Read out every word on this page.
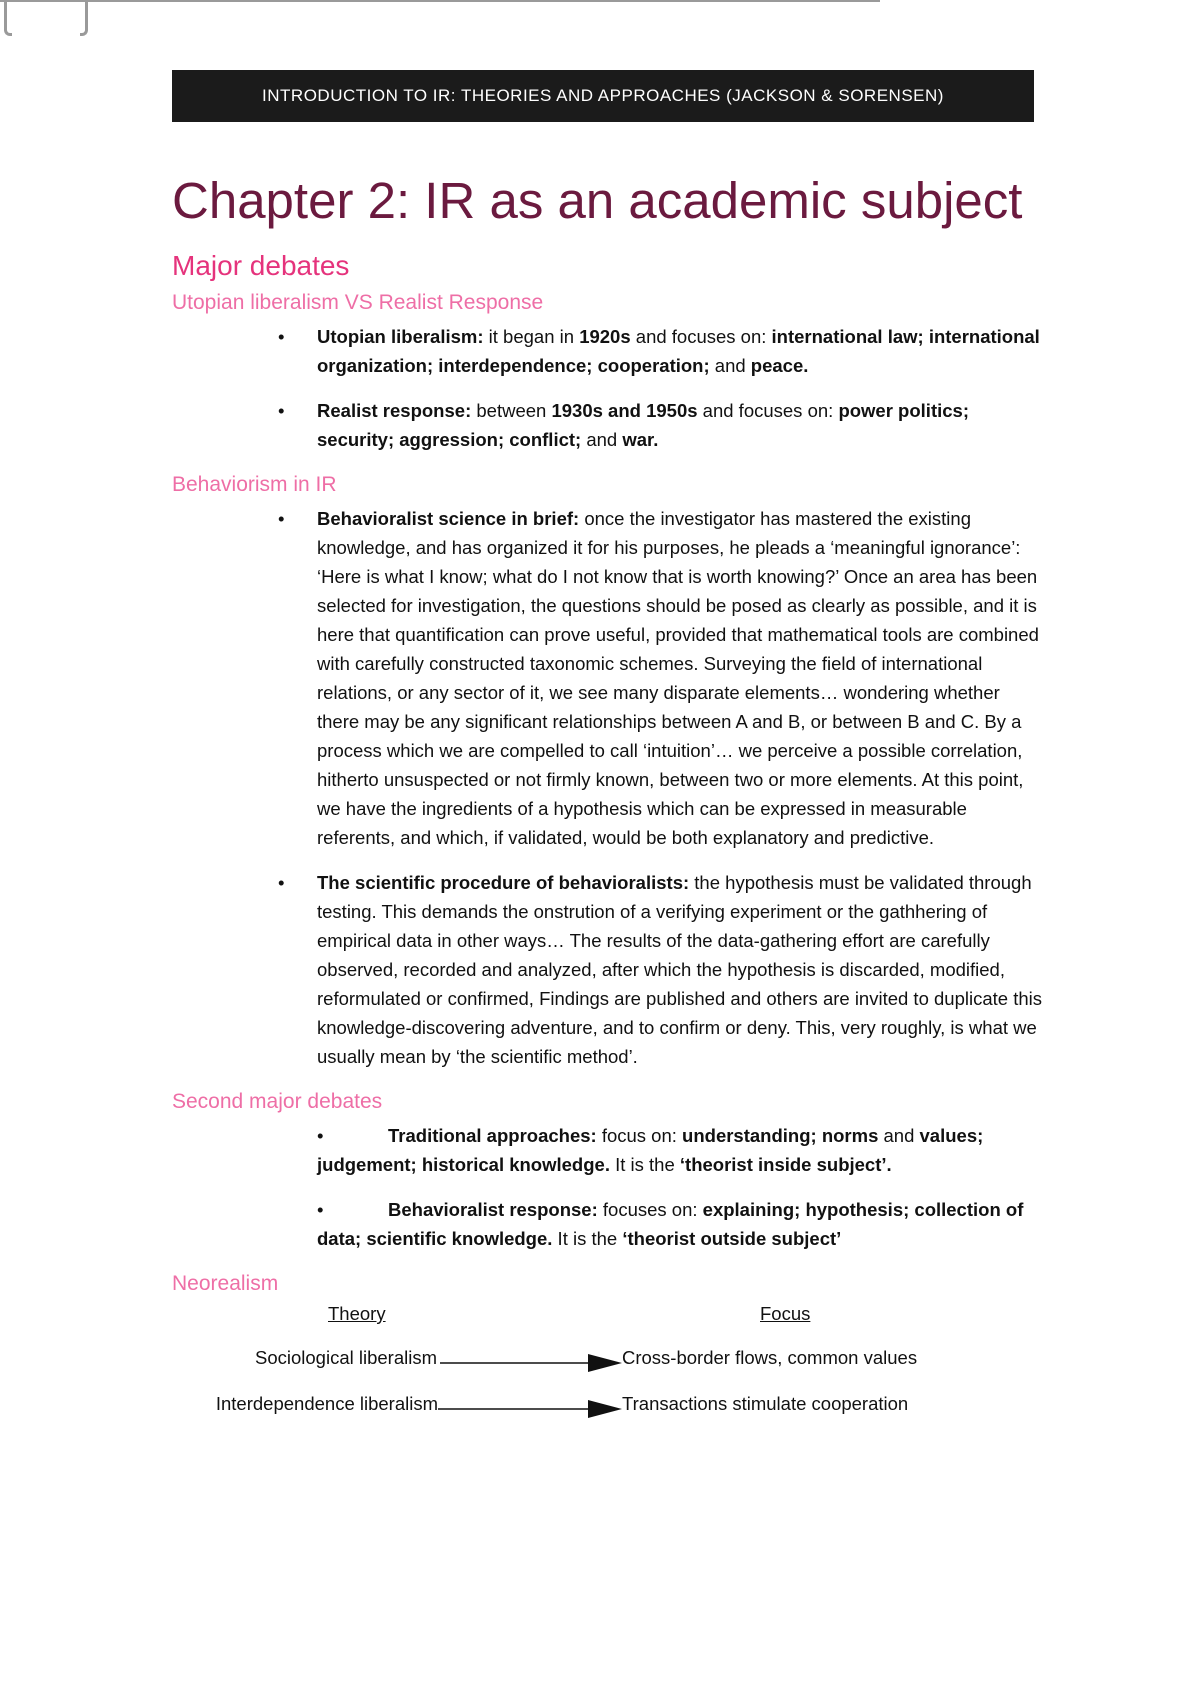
INTRODUCTION TO IR: THEORIES AND APPROACHES (JACKSON & SORENSEN)
Chapter 2: IR as an academic subject
Major debates
Utopian liberalism VS Realist Response
• Utopian liberalism: it began in 1920s and focuses on: international law; international organization; interdependence; cooperation; and peace.
• Realist response: between 1930s and 1950s and focuses on: power politics; security; aggression; conflict; and war.
Behaviorism in IR
• Behavioralist science in brief: once the investigator has mastered the existing knowledge, and has organized it for his purposes, he pleads a ‘meaningful ignorance’: ‘Here is what I know; what do I not know that is worth knowing?’ Once an area has been selected for investigation, the questions should be posed as clearly as possible, and it is here that quantification can prove useful, provided that mathematical tools are combined with carefully constructed taxonomic schemes. Surveying the field of international relations, or any sector of it, we see many disparate elements… wondering whether there may be any significant relationships between A and B, or between B and C. By a process which we are compelled to call ‘intuition’… we perceive a possible correlation, hitherto unsuspected or not firmly known, between two or more elements. At this point, we have the ingredients of a hypothesis which can be expressed in measurable referents, and which, if validated, would be both explanatory and predictive.
• The scientific procedure of behavioralists: the hypothesis must be validated through testing. This demands the onstrution of a verifying experiment or the gathhering of empirical data in other ways… The results of the data-gathering effort are carefully observed, recorded and analyzed, after which the hypothesis is discarded, modified, reformulated or confirmed, Findings are published and others are invited to duplicate this knowledge-discovering adventure, and to confirm or deny. This, very roughly, is what we usually mean by ‘the scientific method’.
Second major debates
•	Traditional approaches: focus on: understanding; norms and values; judgement; historical knowledge. It is the ‘theorist inside subject’.
•	Behavioralist response: focuses on: explaining; hypothesis; collection of data; scientific knowledge. It is the ‘theorist outside subject’
Neorealism
Theory	Focus
Sociological liberalism	Cross-border flows, common values
Interdependence liberalism	Transactions stimulate cooperation
